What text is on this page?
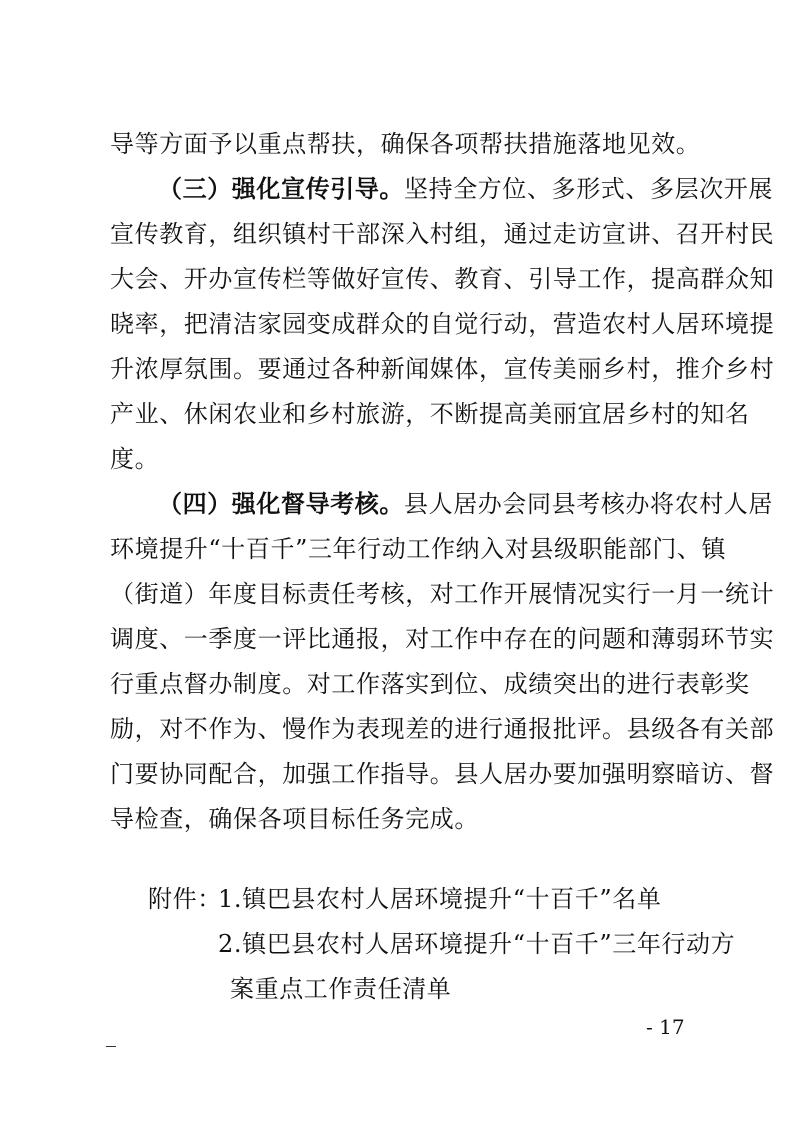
导等方面予以重点帮扶，确保各项帮扶措施落地见效。
（三）强化宣传引导。坚持全方位、多形式、多层次开展
宣传教育，组织镇村干部深入村组，通过走访宣讲、召开村民
大会、开办宣传栏等做好宣传、教育、引导工作，提高群众知
晓率，把清洁家园变成群众的自觉行动，营造农村人居环境提
升浓厚氛围。要通过各种新闻媒体，宣传美丽乡村，推介乡村
产业、休闲农业和乡村旅游，不断提高美丽宜居乡村的知名
度。
（四）强化督导考核。县人居办会同县考核办将农村人居
环境提升“十百千”三年行动工作纳入对县级职能部门、镇
（街道）年度目标责任考核，对工作开展情况实行一月一统计
调度、一季度一评比通报，对工作中存在的问题和薄弱环节实
行重点督办制度。对工作落实到位、成绩突出的进行表彰奖
励，对不作为、慢作为表现差的进行通报批评。县级各有关部
门要协同配合，加强工作指导。县人居办要加强明察暗访、督
导检查，确保各项目标任务完成。
附件：
1.镇巴县农村人居环境提升“十百千”名单
2.镇巴县农村人居环境提升“十百千”三年行动方
案重点工作责任清单
- 17
